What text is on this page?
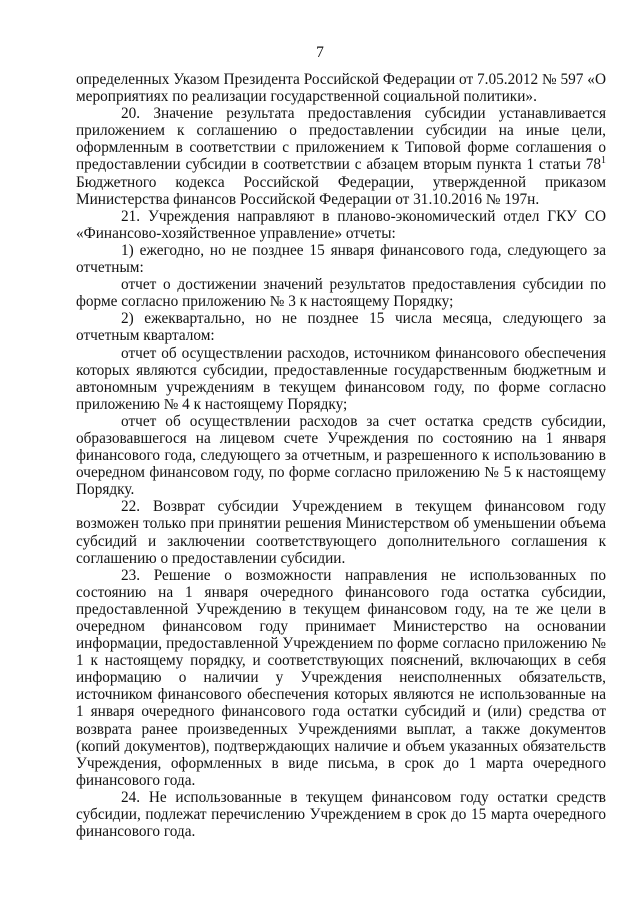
7

определенных Указом Президента Российской Федерации от 7.05.2012 № 597 «О мероприятиях по реализации государственной социальной политики».

20. Значение результата предоставления субсидии устанавливается приложением к соглашению о предоставлении субсидии на иные цели, оформленным в соответствии с приложением к Типовой форме соглашения о предоставлении субсидии в соответствии с абзацем вторым пункта 1 статьи $78^1$ Бюджетного кодекса Российской Федерации, утвержденной приказом Министерства финансов Российской Федерации от 31.10.2016 № 197н.

21. Учреждения направляют в планово-экономический отдел ГКУ СО «Финансово-хозяйственное управление» отчеты:

1) ежегодно, но не позднее 15 января финансового года, следующего за отчетным:

отчет о достижении значений результатов предоставления субсидии по форме согласно приложению № 3 к настоящему Порядку;

2) ежеквартально, но не позднее 15 числа месяца, следующего за отчетным кварталом:

отчет об осуществлении расходов, источником финансового обеспечения которых являются субсидии, предоставленные государственным бюджетным и автономным учреждениям в текущем финансовом году, по форме согласно приложению № 4 к настоящему Порядку;

отчет об осуществлении расходов за счет остатка средств субсидии, образовавшегося на лицевом счете Учреждения по состоянию на 1 января финансового года, следующего за отчетным, и разрешенного к использованию в очередном финансовом году, по форме согласно приложению № 5 к настоящему Порядку.

22. Возврат субсидии Учреждением в текущем финансовом году возможен только при принятии решения Министерством об уменьшении объема субсидий и заключении соответствующего дополнительного соглашения к соглашению о предоставлении субсидии.

23. Решение о возможности направления не использованных по состоянию на 1 января очередного финансового года остатка субсидии, предоставленной Учреждению в текущем финансовом году, на те же цели в очередном финансовом году принимает Министерство на основании информации, предоставленной Учреждением по форме согласно приложению № 1 к настоящему порядку, и соответствующих пояснений, включающих в себя информацию о наличии у Учреждения неисполненных обязательств, источником финансового обеспечения которых являются не использованные на 1 января очередного финансового года остатки субсидий и (или) средства от возврата ранее произведенных Учреждениями выплат, а также документов (копий документов), подтверждающих наличие и объем указанных обязательств Учреждения, оформленных в виде письма, в срок до 1 марта очередного финансового года.

24. Не использованные в текущем финансовом году остатки средств субсидии, подлежат перечислению Учреждением в срок до 15 марта очередного финансового года.
